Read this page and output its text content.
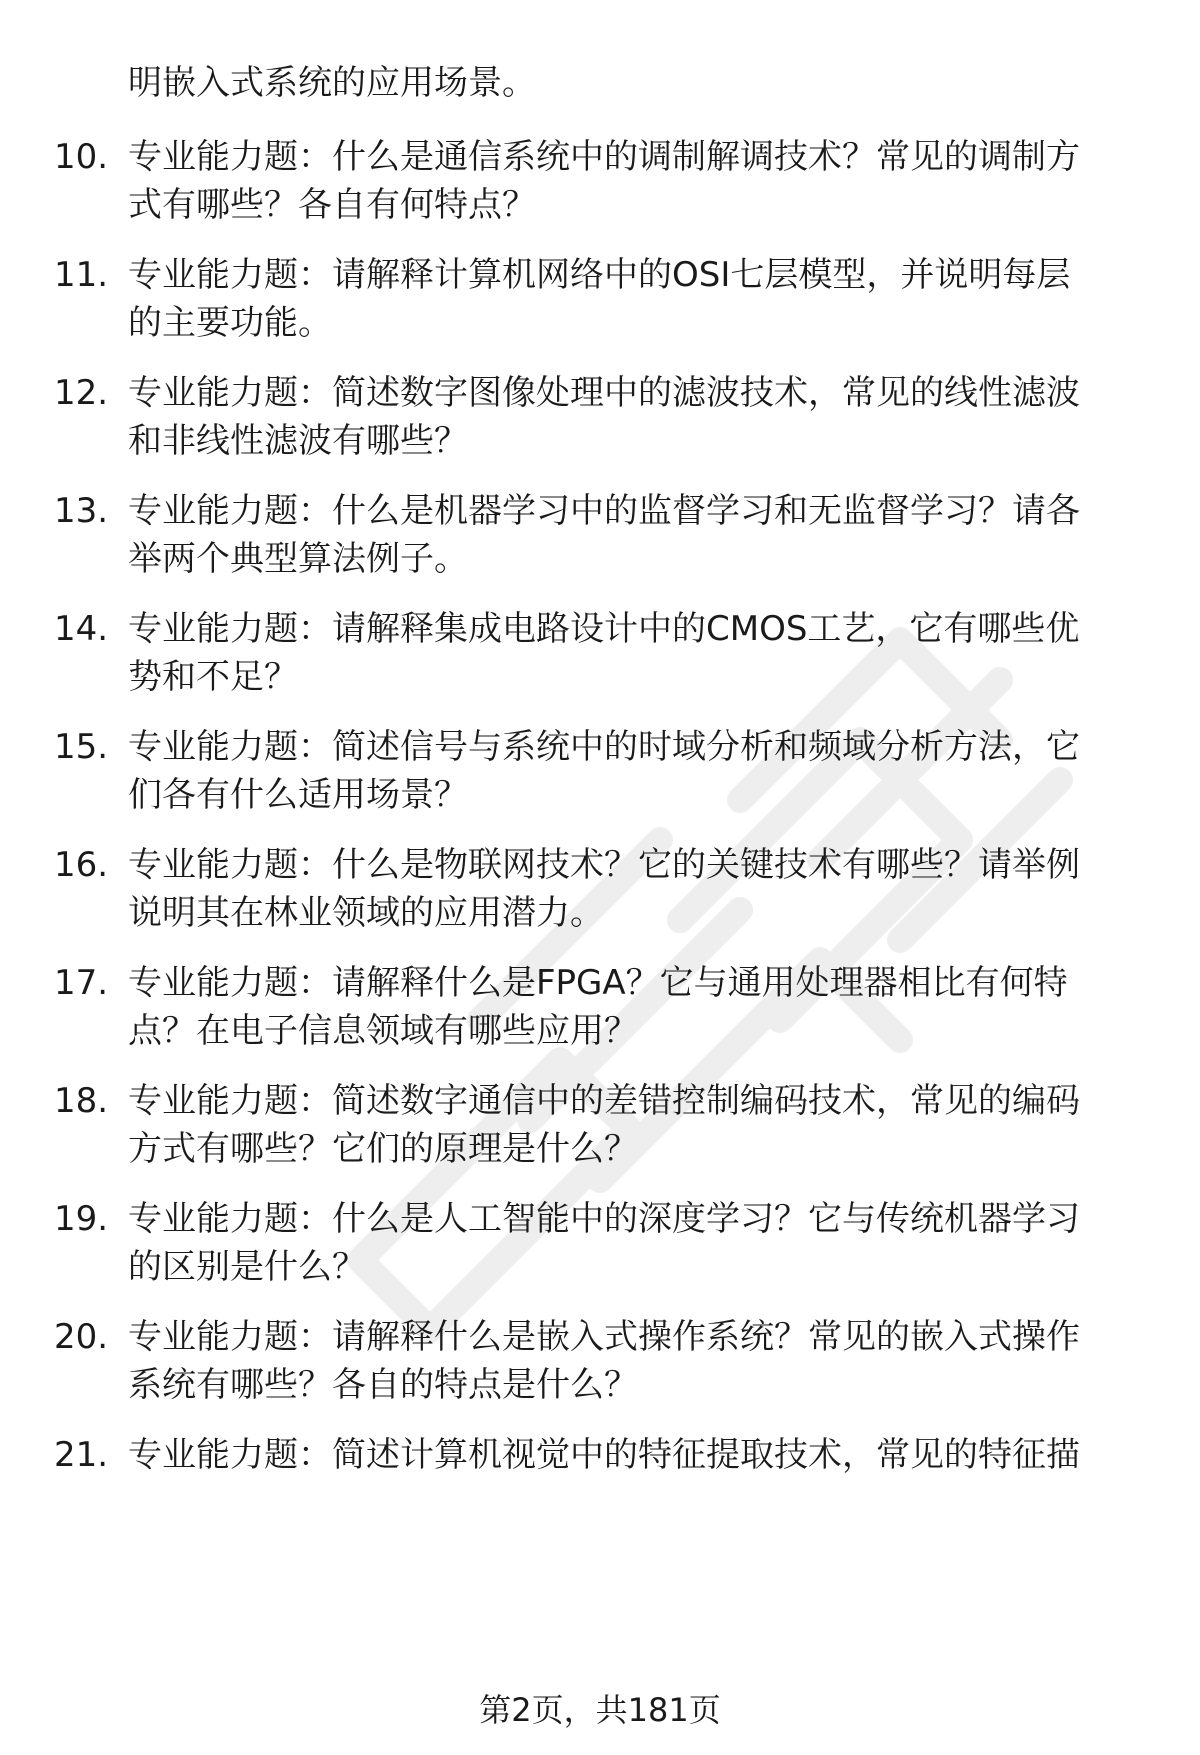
明嵌入式系统的应用场景。
10. 专业能力题：什么是通信系统中的调制解调技术？常见的调制方
式有哪些？各自有何特点？
11. 专业能力题：请解释计算机网络中的OSI七层模型，并说明每层
的主要功能。
12. 专业能力题：简述数字图像处理中的滤波技术，常见的线性滤波
和非线性滤波有哪些？
13. 专业能力题：什么是机器学习中的监督学习和无监督学习？请各
举两个典型算法例子。
14. 专业能力题：请解释集成电路设计中的CMOS工艺，它有哪些优
势和不足？
15. 专业能力题：简述信号与系统中的时域分析和频域分析方法，它
们各有什么适用场景？
16. 专业能力题：什么是物联网技术？它的关键技术有哪些？请举例
说明其在林业领域的应用潜力。
17. 专业能力题：请解释什么是FPGA？它与通用处理器相比有何特
点？在电子信息领域有哪些应用？
18. 专业能力题：简述数字通信中的差错控制编码技术，常见的编码
方式有哪些？它们的原理是什么？
19. 专业能力题：什么是人工智能中的深度学习？它与传统机器学习
的区别是什么？
20. 专业能力题：请解释什么是嵌入式操作系统？常见的嵌入式操作
系统有哪些？各自的特点是什么？
21. 专业能力题：简述计算机视觉中的特征提取技术，常见的特征描
第2页，共181页
